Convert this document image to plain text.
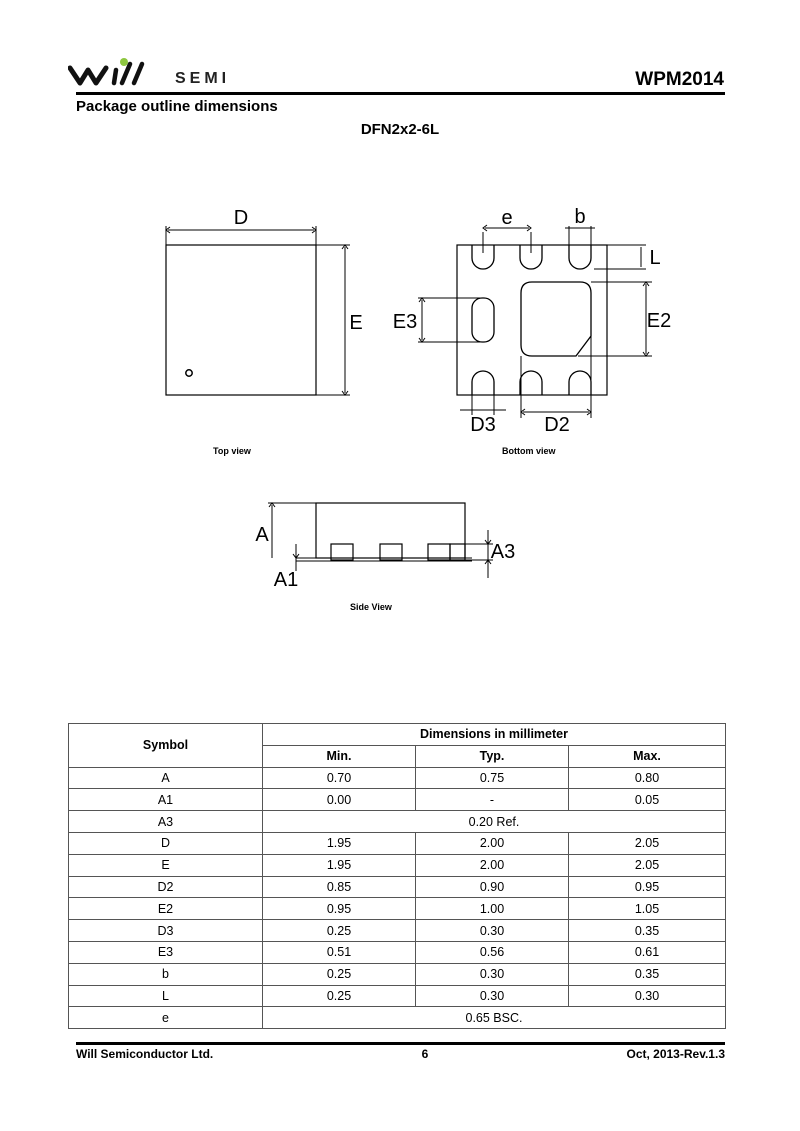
SEMI	WPM2014
Package outline dimensions
DFN2x2-6L
D
E
e	b
L
E3	E2
D3 D2
A
A1
A3
Top view	Bottom view
Side View
Symbol	Dimensions in millimeter		
	Min.	Typ.	Max.
A	0.70	0.75	0.80
A1	0.00	-	0.05
A3	0.20 Ref.		
D	1.95	2.00	2.05
E	1.95	2.00	2.05
D2	0.85	0.90	0.95
E2	0.95	1.00	1.05
D3	0.25	0.30	0.35
E3	0.51	0.56	0.61
b	0.25	0.30	0.35
L	0.25	0.30	0.30
e	0.65 BSC.		
Will Semiconductor Ltd.	6	Oct, 2013-Rev.1.3
